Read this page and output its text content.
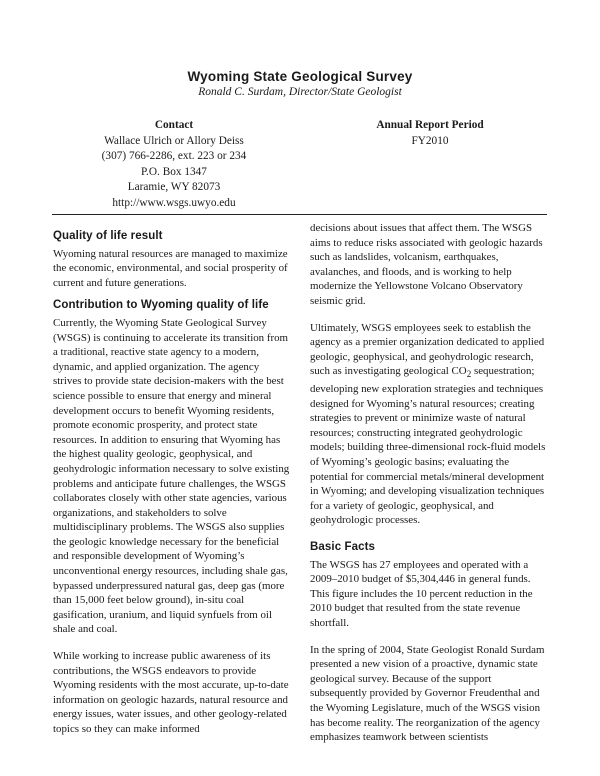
Wyoming State Geological Survey
Ronald C. Surdam, Director/State Geologist
Contact
Wallace Ulrich or Allory Deiss
(307) 766-2286, ext. 223 or 234
P.O. Box 1347
Laramie, WY 82073
http://www.wsgs.uwyo.edu
Annual Report Period
FY2010
Quality of life result

Wyoming natural resources are managed to maximize the economic, environmental, and social prosperity of current and future generations.

Contribution to Wyoming quality of life

Currently, the Wyoming State Geological Survey (WSGS) is continuing to accelerate its transition from a traditional, reactive state agency to a modern, dynamic, and applied organization. The agency strives to provide state decision-makers with the best science possible to ensure that energy and mineral development occurs to benefit Wyoming residents, promote economic prosperity, and protect state resources. In addition to ensuring that Wyoming has the highest quality geologic, geophysical, and geohydrologic information necessary to solve existing problems and anticipate future challenges, the WSGS collaborates closely with other state agencies, various organizations, and stakeholders to solve multidisciplinary problems. The WSGS also supplies the geologic knowledge necessary for the beneficial and responsible development of Wyoming’s unconventional energy resources, including shale gas, bypassed underpressured natural gas, deep gas (more than 15,000 feet below ground), in-situ coal gasification, uranium, and liquid synfuels from oil shale and coal.

While working to increase public awareness of its contributions, the WSGS endeavors to provide Wyoming residents with the most accurate, up-to-date information on geologic hazards, natural resource and energy issues, water issues, and other geology-related topics so they can make informed

decisions about issues that affect them. The WSGS aims to reduce risks associated with geologic hazards such as landslides, volcanism, earthquakes, avalanches, and floods, and is working to help modernize the Yellowstone Volcano Observatory seismic grid.

Ultimately, WSGS employees seek to establish the agency as a premier organization dedicated to applied geologic, geophysical, and geohydrologic research, such as investigating geological $CO_2$ sequestration; developing new exploration strategies and techniques designed for Wyoming’s natural resources; creating strategies to prevent or minimize waste of natural resources; constructing integrated geohydrologic models; building three-dimensional rock-fluid models of Wyoming’s geologic basins; evaluating the potential for commercial metals/mineral development in Wyoming; and developing visualization techniques for a variety of geologic, geophysical, and geohydrologic processes.

Basic Facts

The WSGS has 27 employees and operated with a 2009–2010 budget of $5,304,446 in general funds. This figure includes the 10 percent reduction in the 2010 budget that resulted from the state revenue shortfall.

In the spring of 2004, State Geologist Ronald Surdam presented a new vision of a proactive, dynamic state geological survey. Because of the support subsequently provided by Governor Freudenthal and the Wyoming Legislature, much of the WSGS vision has become reality. The reorganization of the agency emphasizes teamwork between scientists
